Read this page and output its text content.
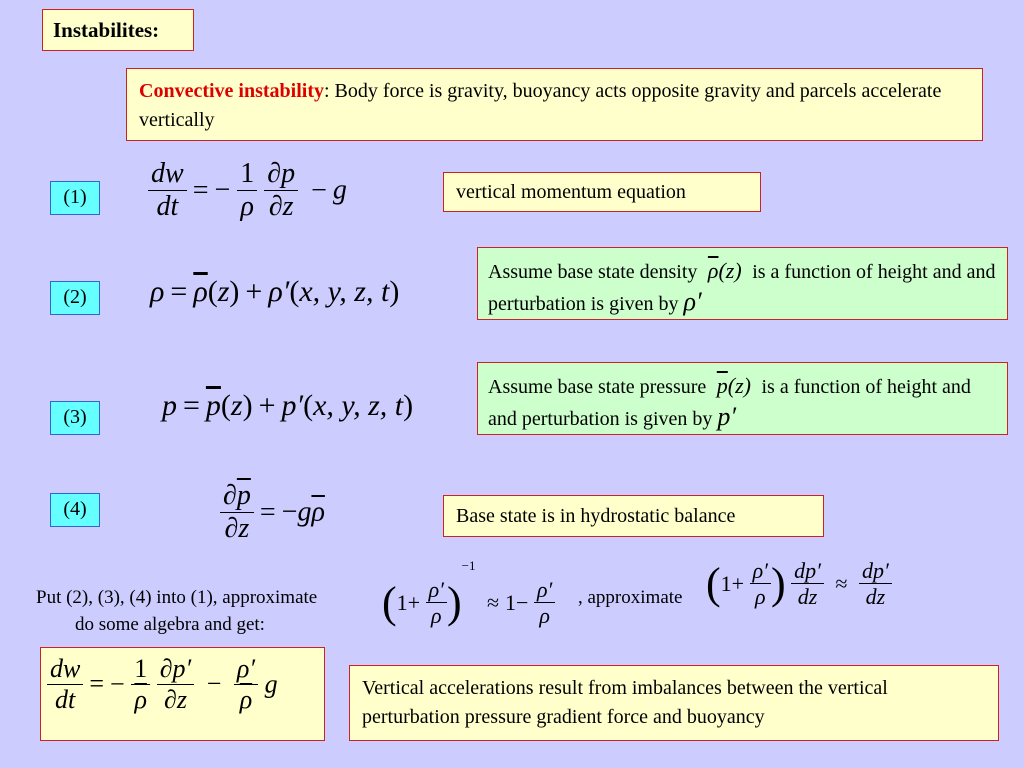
Instabilites:
Convective instability: Body force is gravity, buoyancy acts opposite gravity and parcels accelerate vertically
(1)
(2)
(3)
(4)
$\frac{dw}{dt}$ = − $\frac{1}{\rho}$
$\frac{\partial p}{\partial z} - g$	vertical momentum equation
$\rho = \overline{\rho}(z) + \rho'(x$, y, z, t)
Assume base state density $\overline{\rho}(z)$  is a function of height and and perturbation is given by ρ′
$p = \overline{p}(z) + p'(x$, y, z, t)
Assume base state pressure $\overline{p}(z)$  is a function of height and and perturbation is given by p′
$\frac{\partial\overline{p}}{\partial z} = -g\overline{\rho}$	Base state is in hydrostatic balance
Put (2), (3), (4) into (1), approximate
do some algebra and get:	$(1+ \frac{\rho'}{\rho} )^{-1} \approx 1- \frac{\rho'}{\rho}$ , approximate ($1+ \frac{\rho'}{\rho}$ ) $\frac{dp'}{dz} \approx \frac{dp'}{dz}$
$\frac{dw}{dt}$ = − $\frac{1}{\rho}$
$\frac{\partial p'}{\partial z} - \frac{\rho'}{\rho}$ g	Vertical accelerations result from imbalances between the vertical perturbation pressure gradient force and buoyancy
